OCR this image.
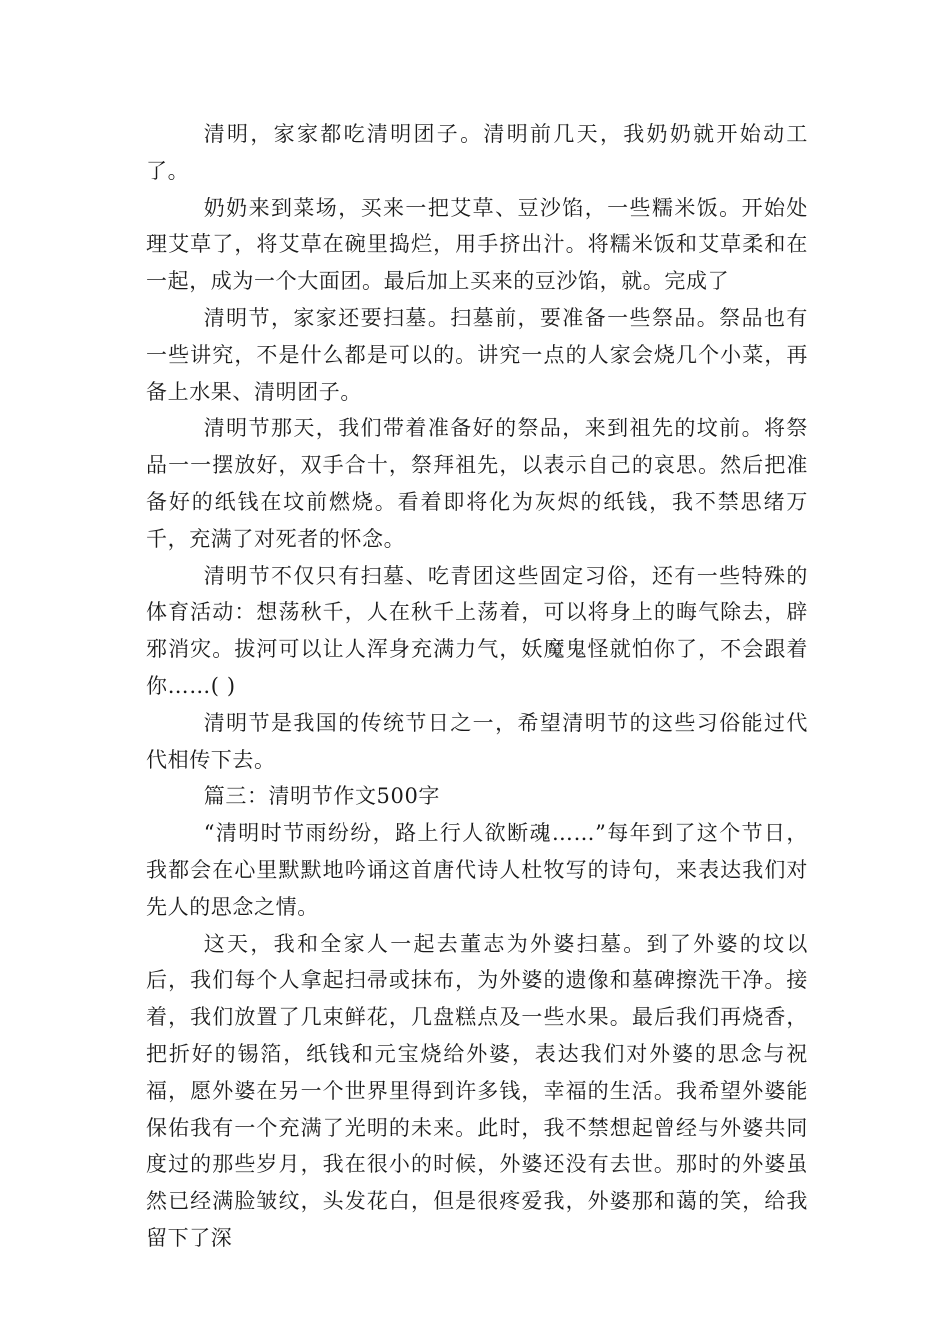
清明，家家都吃清明团子。清明前几天，我奶奶就开始动工了。

奶奶来到菜场，买来一把艾草、豆沙馅，一些糯米饭。开始处理艾草了，将艾草在碗里捣烂，用手挤出汁。将糯米饭和艾草柔和在一起，成为一个大面团。最后加上买来的豆沙馅，就。完成了

清明节，家家还要扫墓。扫墓前，要准备一些祭品。祭品也有一些讲究，不是什么都是可以的。讲究一点的人家会烧几个小菜，再备上水果、清明团子。

清明节那天，我们带着准备好的祭品，来到祖先的坟前。将祭品一一摆放好，双手合十，祭拜祖先，以表示自己的哀思。然后把准备好的纸钱在坟前燃烧。看着即将化为灰烬的纸钱，我不禁思绪万千，充满了对死者的怀念。

清明节不仅只有扫墓、吃青团这些固定习俗，还有一些特殊的体育活动：想荡秋千，人在秋千上荡着，可以将身上的晦气除去，辟邪消灾。拔河可以让人浑身充满力气，妖魔鬼怪就怕你了，不会跟着你……( )

清明节是我国的传统节日之一，希望清明节的这些习俗能过代代相传下去。

篇三：清明节作文500字

“清明时节雨纷纷，路上行人欲断魂……”每年到了这个节日，我都会在心里默默地吟诵这首唐代诗人杜牧写的诗句，来表达我们对先人的思念之情。

这天，我和全家人一起去董志为外婆扫墓。到了外婆的坟以后，我们每个人拿起扫帚或抹布，为外婆的遗像和墓碑擦洗干净。接着，我们放置了几束鲜花，几盘糕点及一些水果。最后我们再烧香，把折好的锡箔，纸钱和元宝烧给外婆，表达我们对外婆的思念与祝福，愿外婆在另一个世界里得到许多钱，幸福的生活。我希望外婆能保佑我有一个充满了光明的未来。此时，我不禁想起曾经与外婆共同度过的那些岁月，我在很小的时候，外婆还没有去世。那时的外婆虽然已经满脸皱纹，头发花白，但是很疼爱我，外婆那和蔼的笑，给我留下了深
